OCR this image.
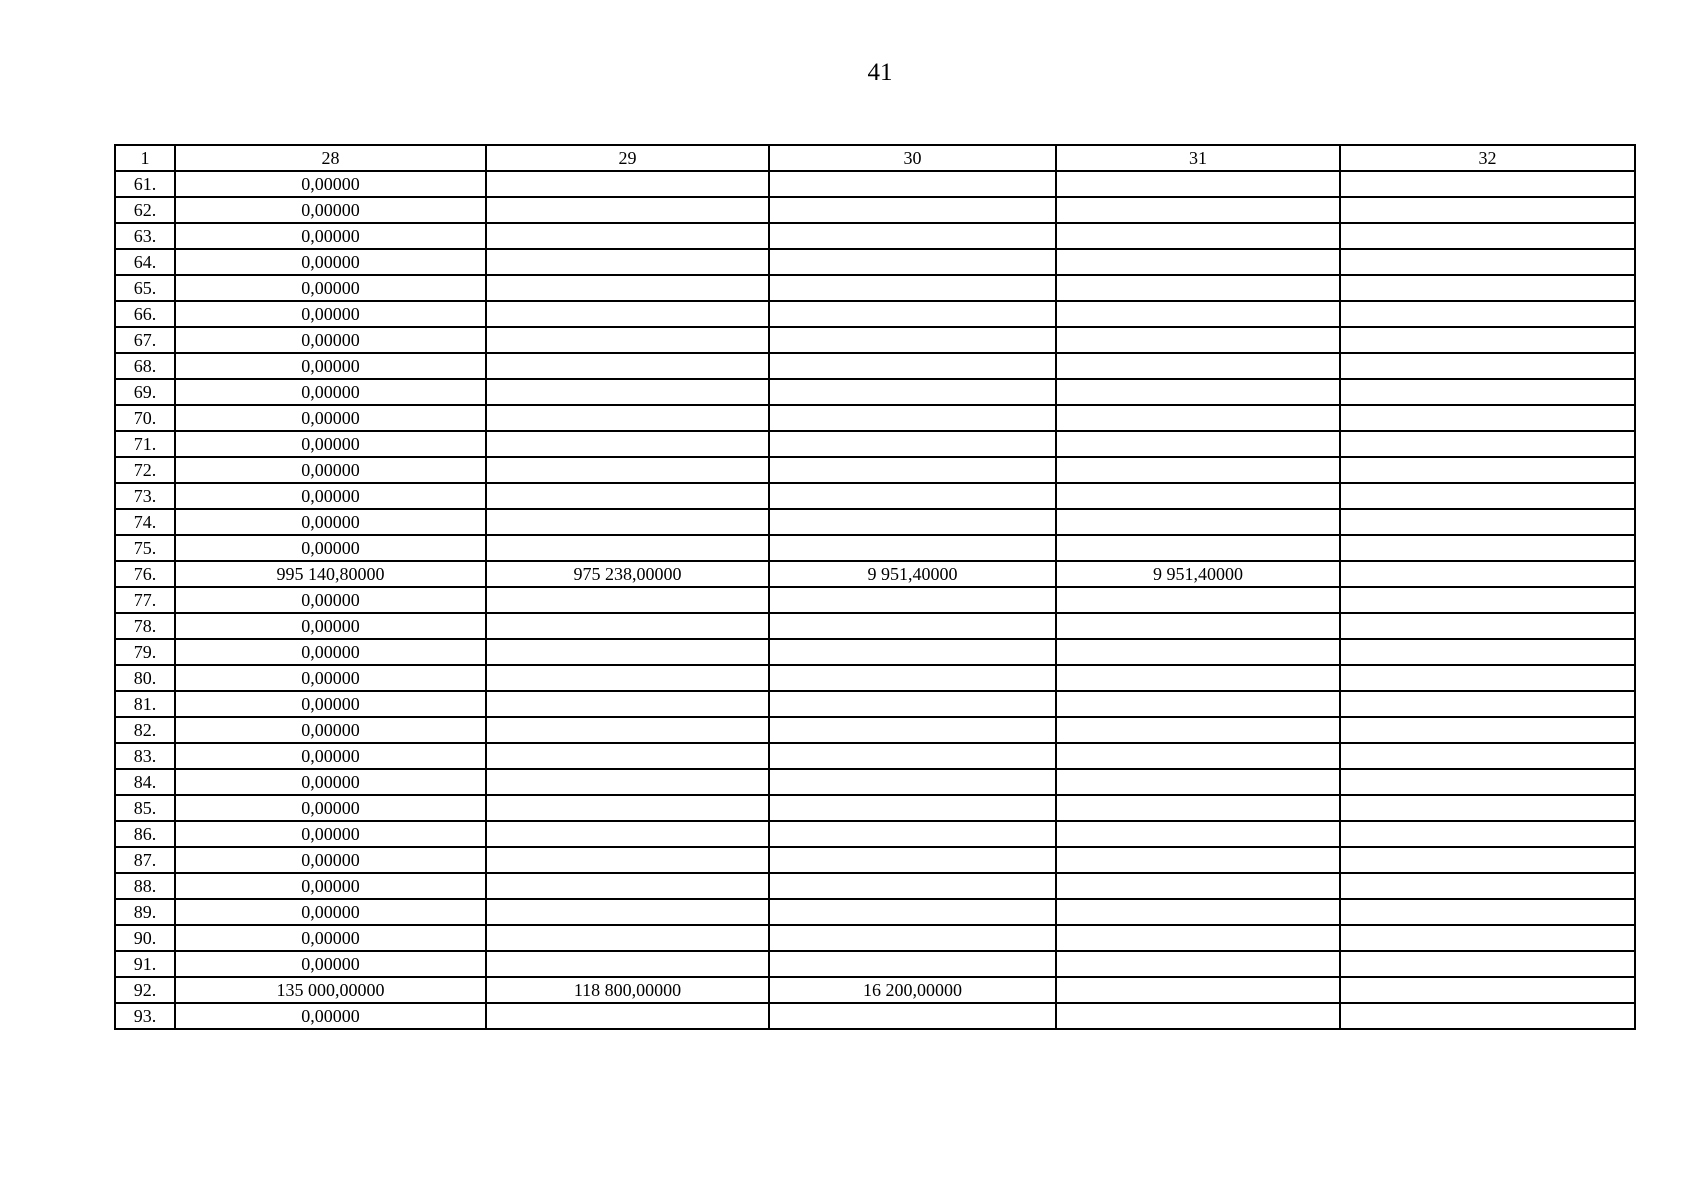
41
1	28	29	30	31	32
61.	0,00000				
62.	0,00000				
63.	0,00000				
64.	0,00000				
65.	0,00000				
66.	0,00000				
67.	0,00000				
68.	0,00000				
69.	0,00000				
70.	0,00000				
71.	0,00000				
72.	0,00000				
73.	0,00000				
74.	0,00000				
75.	0,00000				
76.	995 140,80000	975 238,00000	9 951,40000	9 951,40000	
77.	0,00000				
78.	0,00000				
79.	0,00000				
80.	0,00000				
81.	0,00000				
82.	0,00000				
83.	0,00000				
84.	0,00000				
85.	0,00000				
86.	0,00000				
87.	0,00000				
88.	0,00000				
89.	0,00000				
90.	0,00000				
91.	0,00000				
92.	135 000,00000	118 800,00000	16 200,00000		
93.	0,00000				
